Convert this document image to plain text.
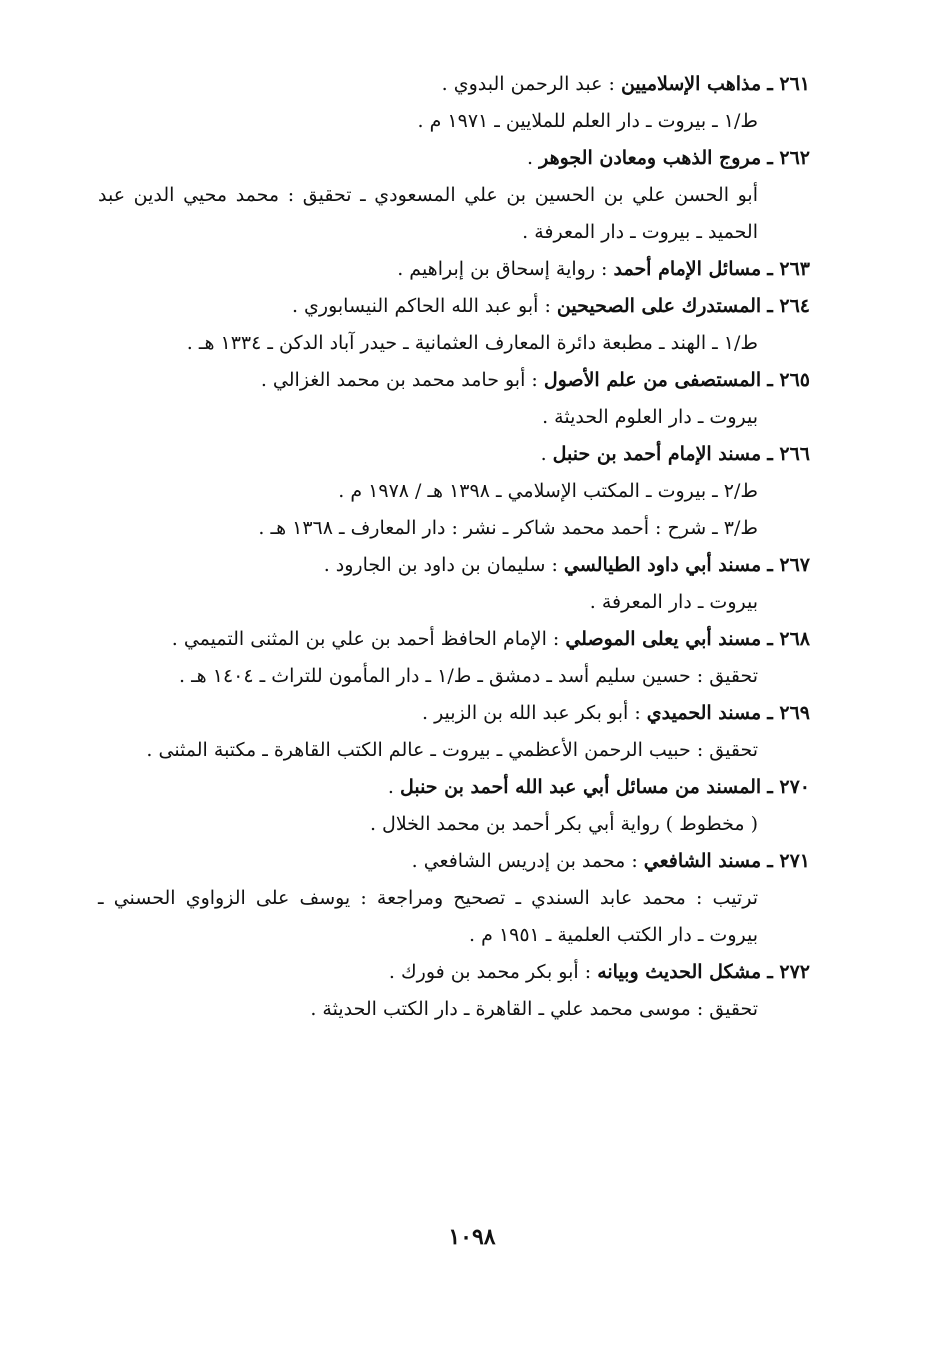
٢٦١ ـ مذاهب الإسلاميين : عبد الرحمن البدوي .
ط/١ ـ بيروت ـ دار العلم للملايين ـ ١٩٧١ م .
٢٦٢ ـ مروج الذهب ومعادن الجوهر .
أبو الحسن علي بن الحسين بن علي المسعودي ـ تحقيق : محمد محيي الدين عبد الحميد ـ بيروت ـ دار المعرفة .
٢٦٣ ـ مسائل الإمام أحمد : رواية إسحاق بن إبراهيم .
٢٦٤ ـ المستدرك على الصحيحين : أبو عبد الله الحاكم النيسابوري .
ط/١ ـ الهند ـ مطبعة دائرة المعارف العثمانية ـ حيدر آباد الدكن ـ ١٣٣٤ هـ .
٢٦٥ ـ المستصفى من علم الأصول : أبو حامد محمد بن محمد الغزالي .
بيروت ـ دار العلوم الحديثة .
٢٦٦ ـ مسند الإمام أحمد بن حنبل .
ط/٢ ـ بيروت ـ المكتب الإسلامي ـ ١٣٩٨ هـ / ١٩٧٨ م .
ط/٣ ـ شرح : أحمد محمد شاكر ـ نشر : دار المعارف ـ ١٣٦٨ هـ .
٢٦٧ ـ مسند أبي داود الطيالسي : سليمان بن داود بن الجارود .
بيروت ـ دار المعرفة .
٢٦٨ ـ مسند أبي يعلى الموصلي : الإمام الحافظ أحمد بن علي بن المثنى التميمي .
تحقيق : حسين سليم أسد ـ دمشق ـ ط/١ ـ دار المأمون للتراث ـ ١٤٠٤ هـ .
٢٦٩ ـ مسند الحميدي : أبو بكر عبد الله بن الزبير .
تحقيق : حبيب الرحمن الأعظمي ـ بيروت ـ عالم الكتب القاهرة ـ مكتبة المثنى .
٢٧٠ ـ المسند من مسائل أبي عبد الله أحمد بن حنبل .
( مخطوط ) رواية أبي بكر أحمد بن محمد الخلال .
٢٧١ ـ مسند الشافعي : محمد بن إدريس الشافعي .
ترتيب : محمد عابد السندي ـ تصحيح ومراجعة : يوسف على الزواوي الحسني ـ بيروت ـ دار الكتب العلمية ـ ١٩٥١ م .
٢٧٢ ـ مشكل الحديث وبيانه : أبو بكر محمد بن فورك .
تحقيق : موسى محمد علي ـ القاهرة ـ دار الكتب الحديثة .
١٠٩٨
